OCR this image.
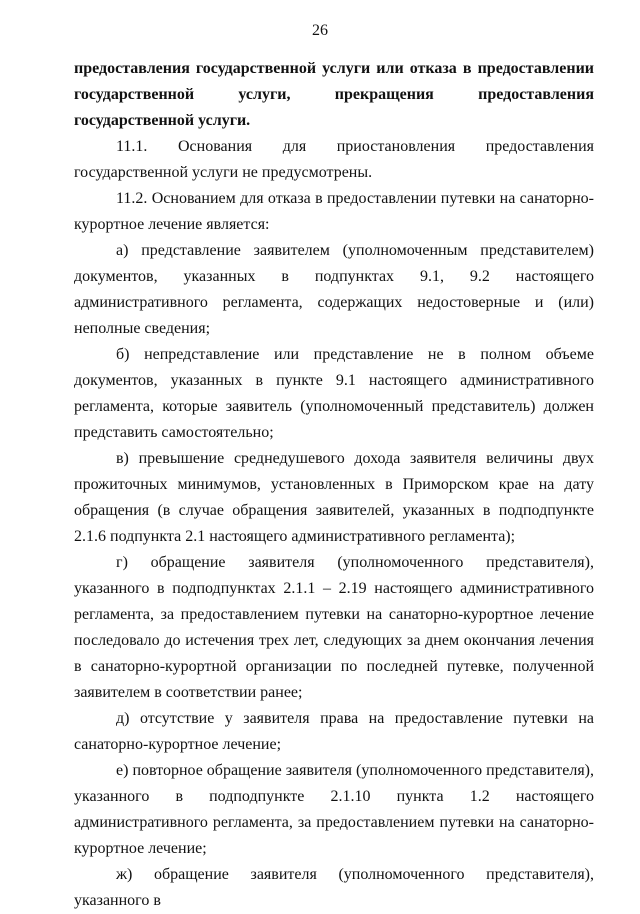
26

предоставления государственной услуги или отказа в предоставлении государственной услуги, прекращения предоставления государственной услуги.

11.1. Основания для приостановления предоставления государственной услуги не предусмотрены.

11.2. Основанием для отказа в предоставлении путевки на санаторно-курортное лечение является:

а) представление заявителем (уполномоченным представителем) документов, указанных в подпунктах 9.1, 9.2 настоящего административного регламента, содержащих недостоверные и (или) неполные сведения;

б) непредставление или представление не в полном объеме документов, указанных в пункте 9.1 настоящего административного регламента, которые заявитель (уполномоченный представитель) должен представить самостоятельно;

в) превышение среднедушевого дохода заявителя величины двух прожиточных минимумов, установленных в Приморском крае на дату обращения (в случае обращения заявителей, указанных в подподпункте 2.1.6 подпункта 2.1 настоящего административного регламента);

г) обращение заявителя (уполномоченного представителя), указанного в подподпунктах 2.1.1 – 2.19 настоящего административного регламента, за предоставлением путевки на санаторно-курортное лечение последовало до истечения трех лет, следующих за днем окончания лечения в санаторно-курортной организации по последней путевке, полученной заявителем в соответствии ранее;

д) отсутствие у заявителя права на предоставление путевки на санаторно-курортное лечение;

е) повторное обращение заявителя (уполномоченного представителя), указанного в подподпункте 2.1.10 пункта 1.2 настоящего административного регламента, за предоставлением путевки на санаторно-курортное лечение;

ж) обращение заявителя (уполномоченного представителя), указанного в
